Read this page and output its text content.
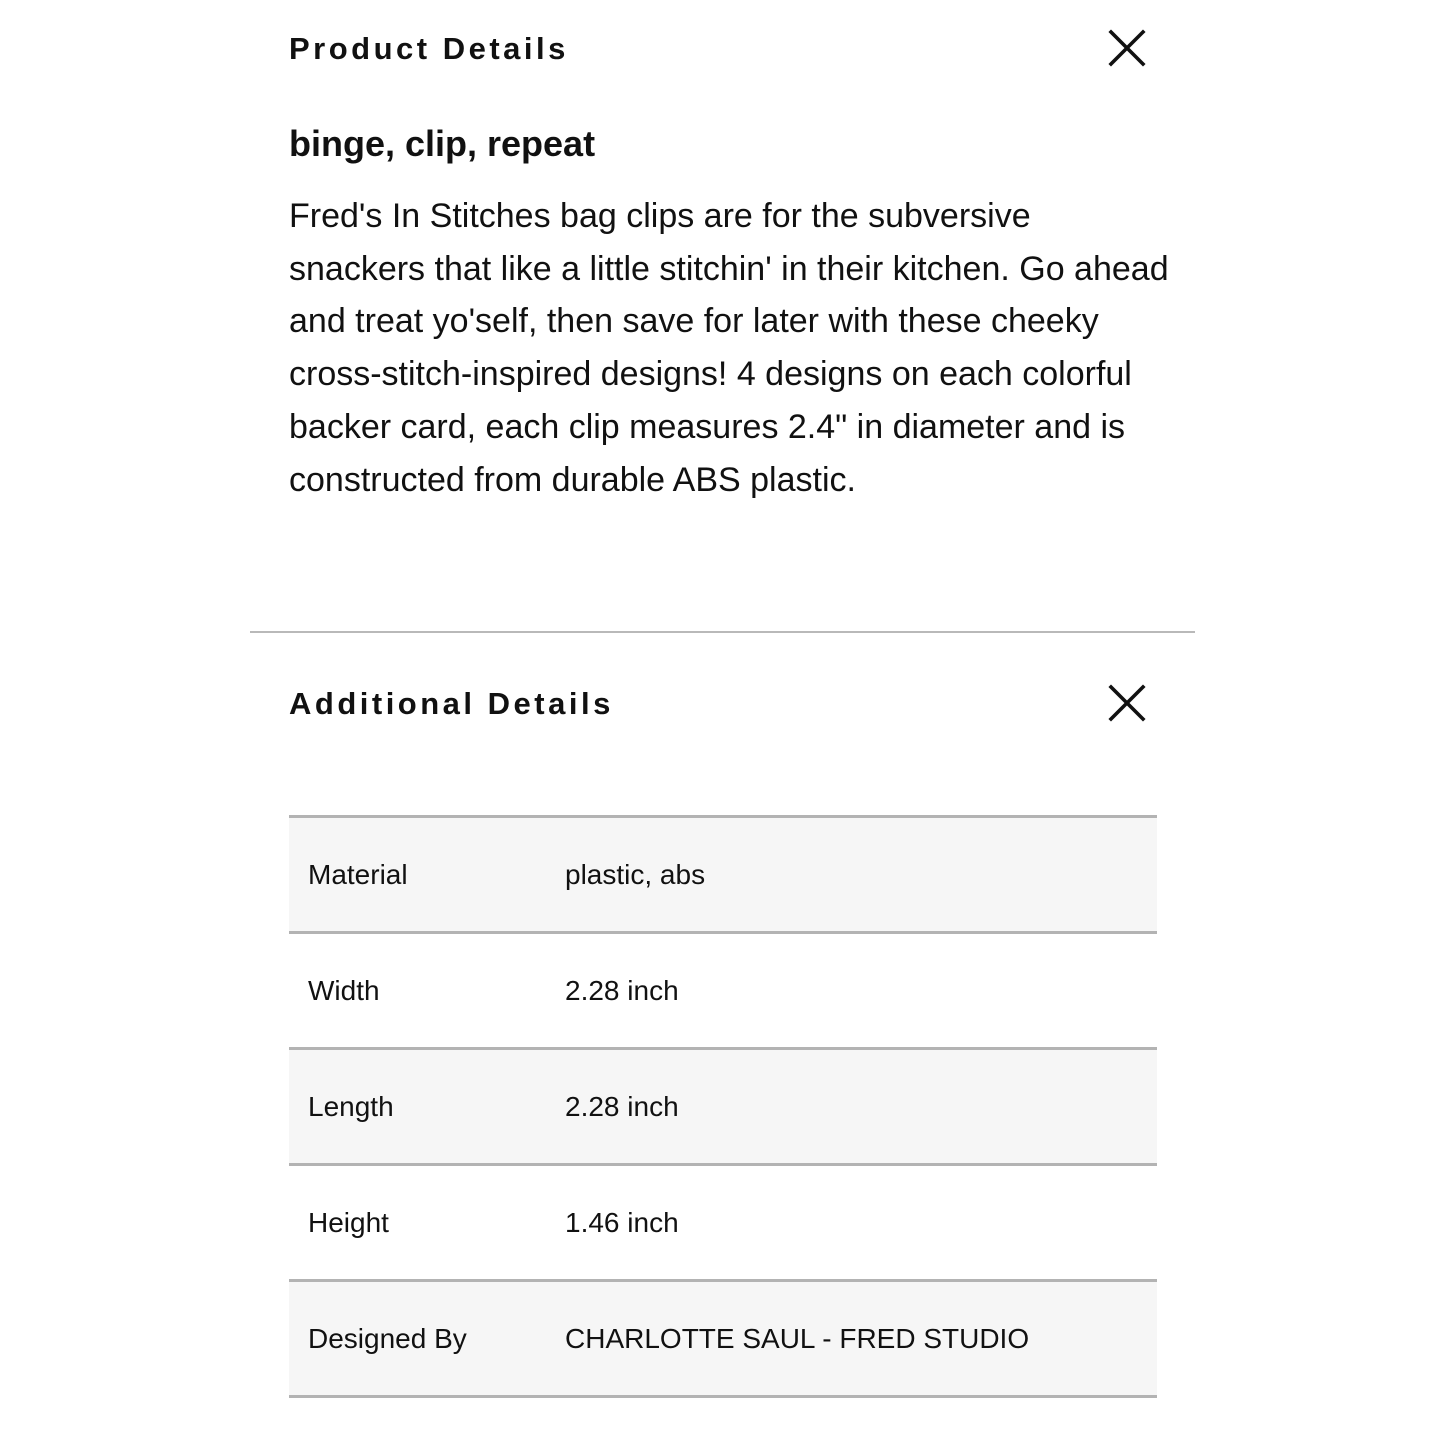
Product Details
binge, clip, repeat

Fred's In Stitches bag clips are for the subversive snackers that like a little stitchin' in their kitchen. Go ahead and treat yo'self, then save for later with these cheeky cross-stitch-inspired designs! 4 designs on each colorful backer card, each clip measures 2.4" in diameter and is constructed from durable ABS plastic.

Additional Details
Material	plastic, abs
Width	2.28 inch
Length	2.28 inch
Height	1.46 inch
Designed By	CHARLOTTE SAUL - FRED STUDIO
